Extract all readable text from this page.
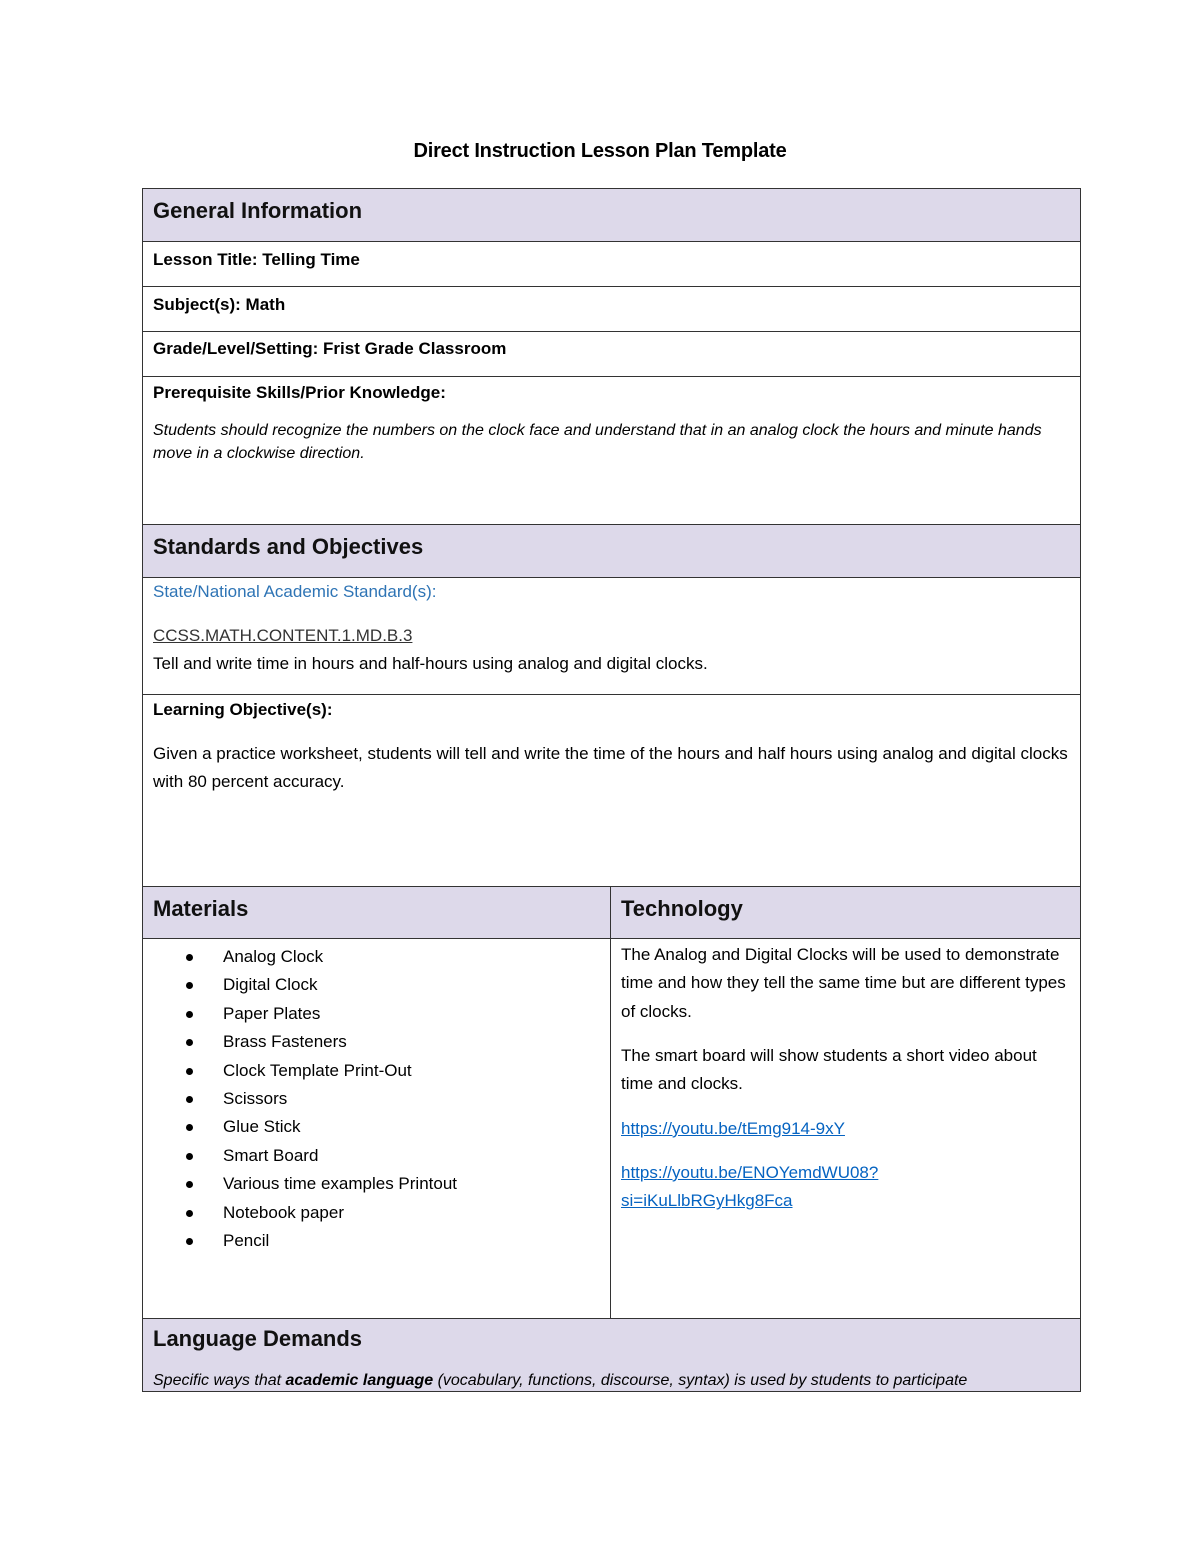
Direct Instruction Lesson Plan Template
General Information
Lesson Title: Telling Time
Subject(s): Math
Grade/Level/Setting: Frist Grade Classroom
Prerequisite Skills/Prior Knowledge:
Students should recognize the numbers on the clock face and understand that in an analog clock the hours and minute hands move in a clockwise direction.
Standards and Objectives
State/National Academic Standard(s):
CCSS.MATH.CONTENT.1.MD.B.3
Tell and write time in hours and half-hours using analog and digital clocks.
Learning Objective(s):
Given a practice worksheet, students will tell and write the time of the hours and half hours using analog and digital clocks with 80 percent accuracy.
Materials	Technology
Analog Clock
Digital Clock
Paper Plates
Brass Fasteners
Clock Template Print-Out
Scissors
Glue Stick
Smart Board
Various time examples Printout
Notebook paper
Pencil
The Analog and Digital Clocks will be used to demonstrate time and how they tell the same time but are different types of clocks.
The smart board will show students a short video about time and clocks.
https://youtu.be/tEmg914-9xY
https://youtu.be/ENOYemdWU08?
si=iKuLlbRGyHkg8Fca
Language Demands
Specific ways that academic language (vocabulary, functions, discourse, syntax) is used by students to participate
